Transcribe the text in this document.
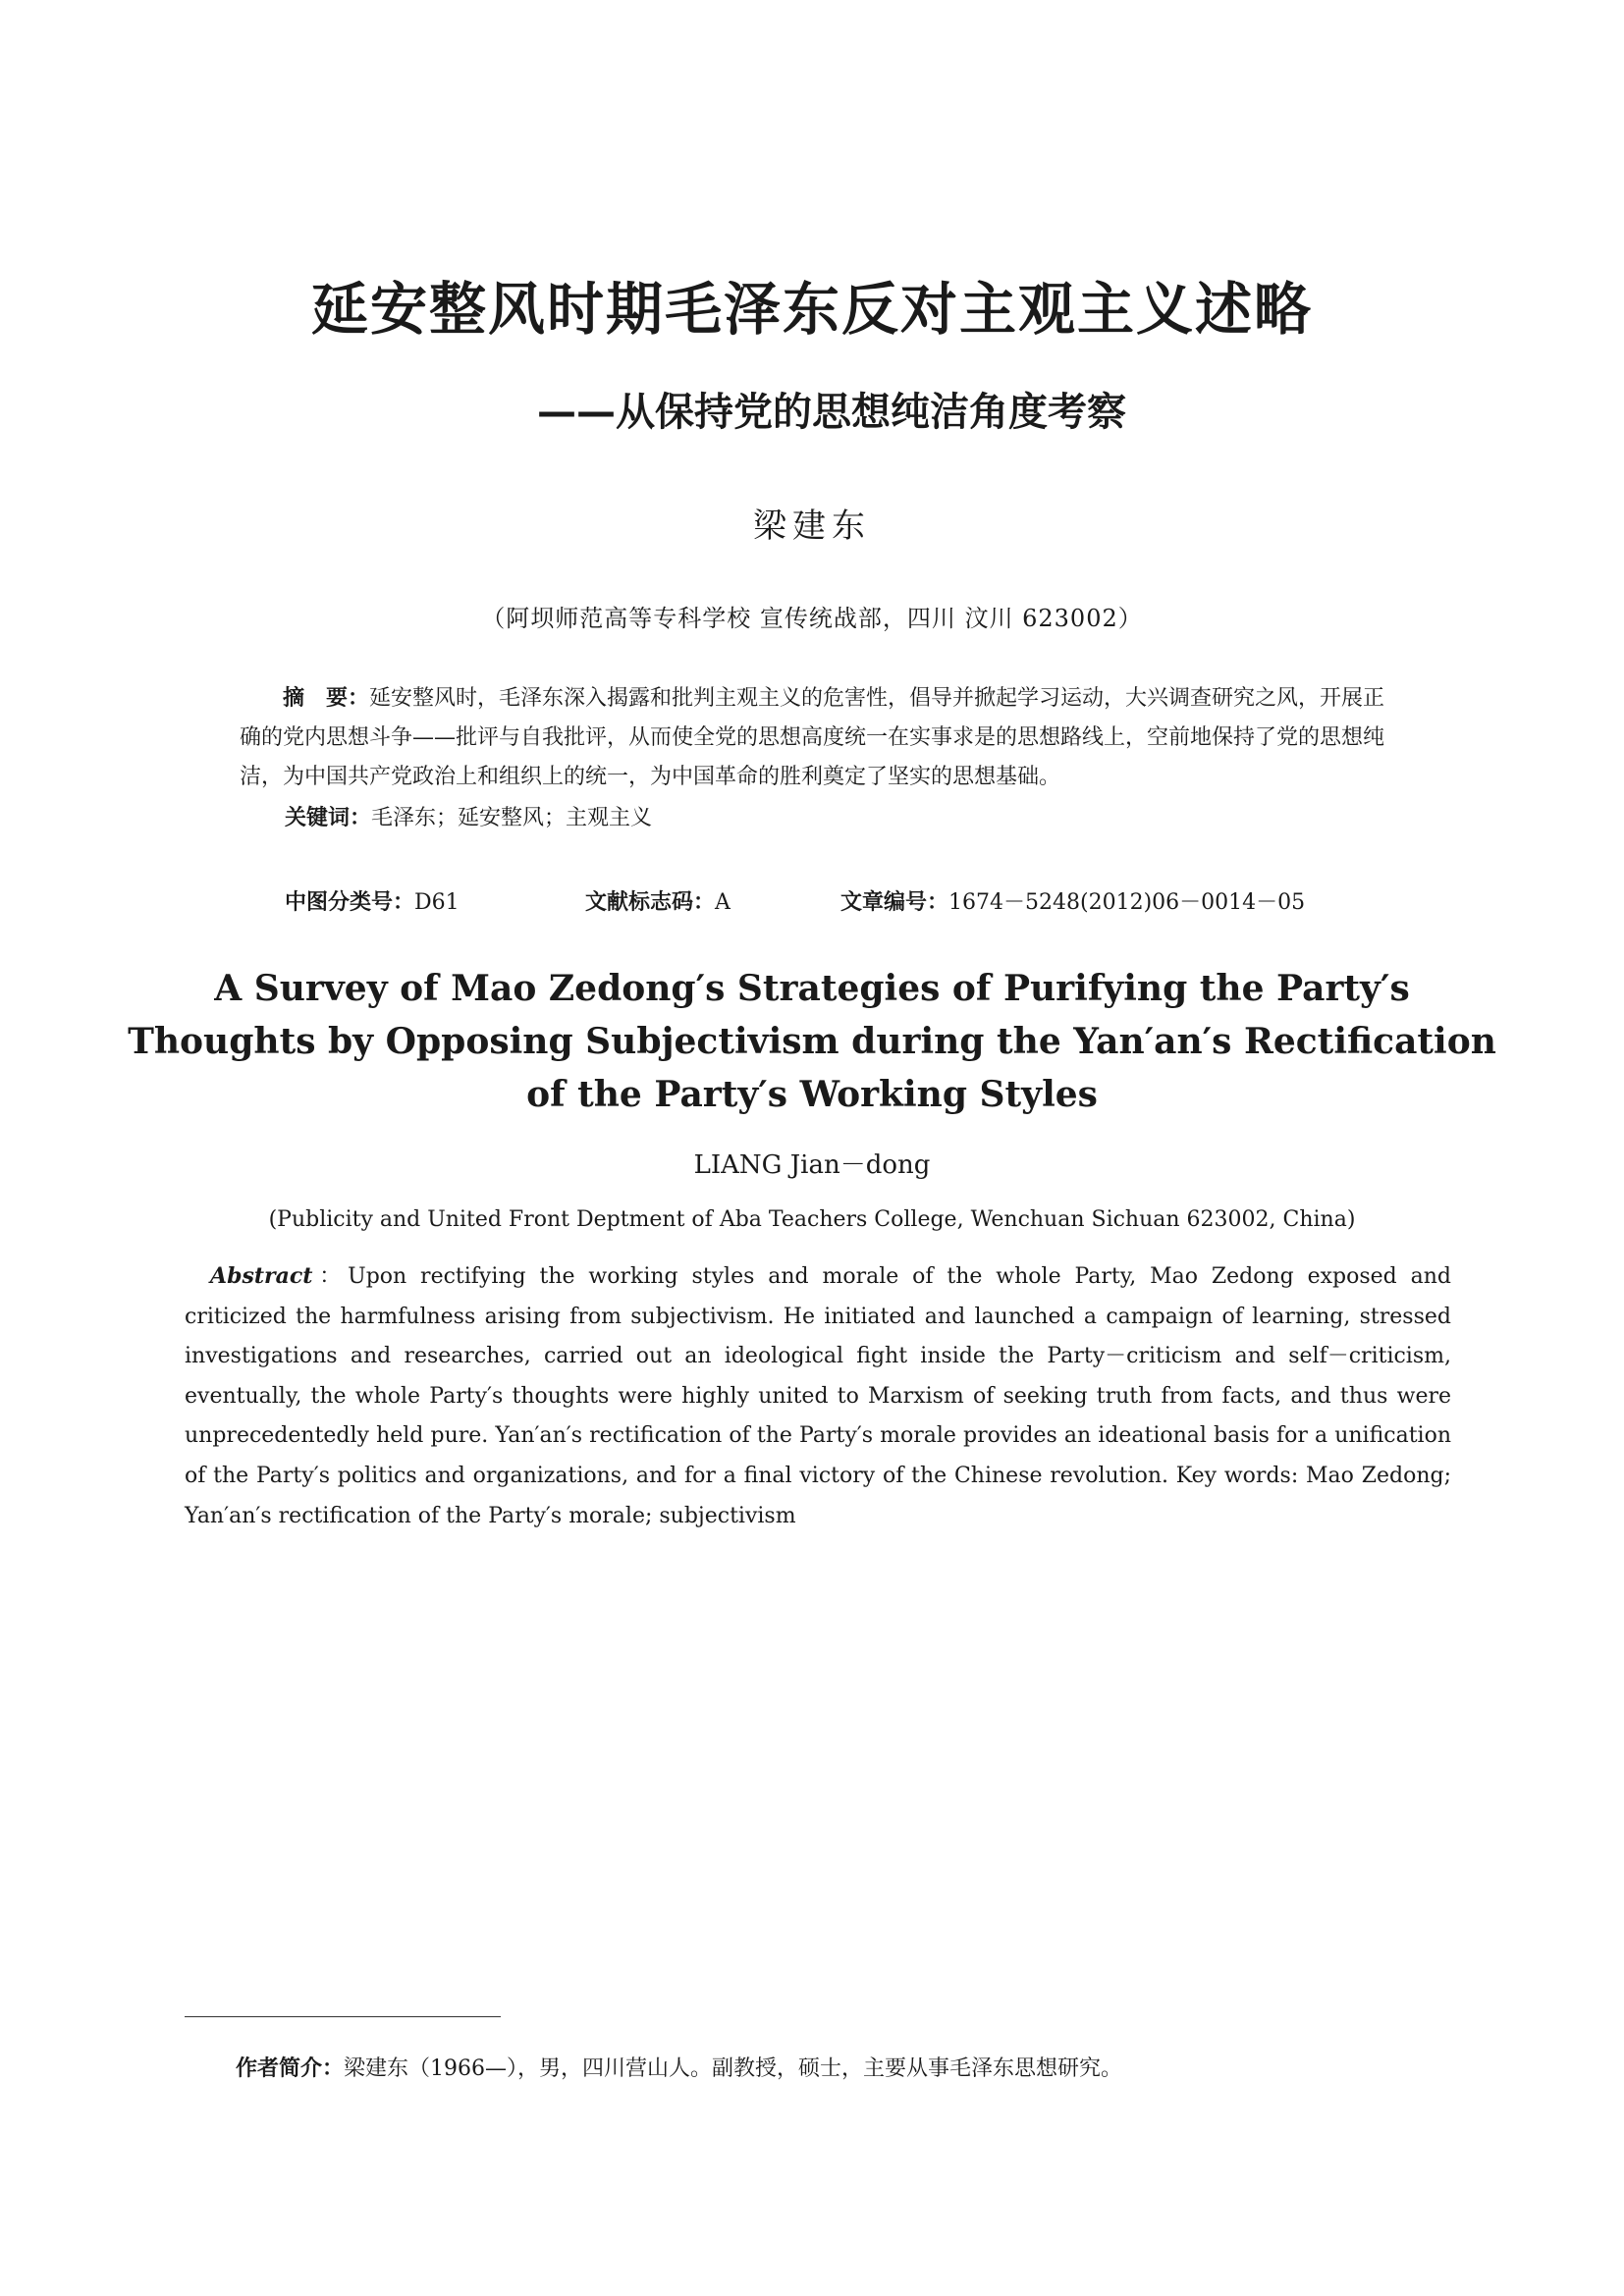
延安整风时期毛泽东反对主观主义述略
——从保持党的思想纯洁角度考察
梁建东
（阿坝师范高等专科学校 宣传统战部，四川 汶川 623002）

摘　要：延安整风时，毛泽东深入揭露和批判主观主义的危害性，倡导并掀起学习运动，大兴调查研究之风，开展正确的党内思想斗争——批评与自我批评，从而使全党的思想高度统一在实事求是的思想路线上，空前地保持了党的思想纯洁，为中国共产党政治上和组织上的统一，为中国革命的胜利奠定了坚实的思想基础。

关键词：毛泽东；延安整风；主观主义
中图分类号：D61	文献标志码：A	文章编号：1674－5248(2012)06－0014－05
A Survey of Mao Zedong′s Strategies of Purifying the Party′s Thoughts by Opposing Subjectivism during the Yan′an′s Rectification of the Party′s Working Styles
LIANG Jian－dong
(Publicity and United Front Deptment of Aba Teachers College, Wenchuan Sichuan 623002, China)

Abstract：Upon rectifying the working styles and morale of the whole Party, Mao Zedong exposed and criticized the harmfulness arising from subjectivism. He initiated and launched a campaign of learning, stressed investigations and researches, carried out an ideological fight inside the Party－criticism and self－criticism, eventually, the whole Party′s thoughts were highly united to Marxism of seeking truth from facts, and thus were unprecedentedly held pure. Yan′an′s rectification of the Party′s morale provides an ideational basis for a unification of the Party′s politics and organizations, and for a final victory of the Chinese revolution. Key words: Mao Zedong; Yan′an′s rectification of the Party′s morale; subjectivism

作者简介：梁建东（1966—），男，四川营山人。副教授，硕士，主要从事毛泽东思想研究。
